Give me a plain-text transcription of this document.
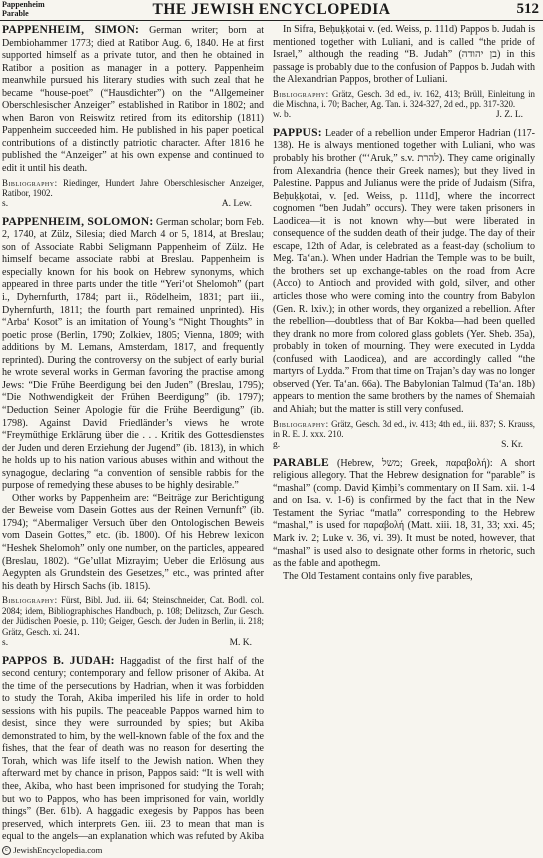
Pappenheim
Parable	THE JEWISH ENCYCLOPEDIA	512

PAPPENHEIM, SIMON: German writer; born at Dembiohammer 1773; died at Ratibor Aug. 6, 1840. He at first supported himself as a private tutor, and then he obtained in Ratibor a position as manager in a pottery. Pappenheim meanwhile pursued his literary studies with such zeal that he became “house-poet” (“Hausdichter”) on the “Allgemeiner Oberschlesischer Anzeiger” established in Ratibor in 1802; and when Baron von Reiswitz retired from its editorship (1811) Pappenheim succeeded him. He published in his paper poetical contributions of a distinctly patriotic character. After 1816 he published the “Anzeiger” at his own expense and continued to edit it until his death.

Bibliography: Riedinger, Hundert Jahre Oberschlesischer Anzeiger, Ratibor, 1902.
s.	A. Lew.

PAPPENHEIM, SOLOMON: German scholar; born Feb. 2, 1740, at Zülz, Silesia; died March 4 or 5, 1814, at Breslau; son of Associate Rabbi Seligmann Pappenheim of Zülz. He himself became associate rabbi at Breslau. Pappenheim is especially known for his book on Hebrew synonyms, which appeared in three parts under the title “Yeri‘ot Shelomoh” (part i., Dyhernfurth, 1784; part ii., Rödelheim, 1831; part iii., Dyhernfurth, 1811; the fourth part remained unprinted). His “Arba‘ Kosot” is an imitation of Young’s “Night Thoughts” in poetic prose (Berlin, 1790; Zolkiev, 1805; Vienna, 1809; with additions by M. Lemans, Amsterdam, 1817, and frequently reprinted). During the controversy on the subject of early burial he wrote several works in German favoring the practise among Jews: “Die Frühe Beerdigung bei den Juden” (Breslau, 1795); “Die Nothwendigkeit der Frühen Beerdigung” (ib. 1797); “Deduction Seiner Apologie für die Frühe Beerdigung” (ib. 1798). Against David Friedländer’s views he wrote “Freymüthige Erklärung über die . . . Kritik des Gottesdienstes der Juden und deren Erziehung der Jugend” (ib. 1813), in which he holds up to his nation various abuses within and without the synagogue, declaring “a convention of sensible rabbis for the purpose of remedying these abuses to be highly desirable.”

Other works by Pappenheim are: “Beiträge zur Berichtigung der Beweise vom Dasein Gottes aus der Reinen Vernunft” (ib. 1794); “Abermaliger Versuch über den Ontologischen Beweis vom Dasein Gottes,” etc. (ib. 1800). Of his Hebrew lexicon “Heshek Shelomoh” only one number, on the particles, appeared (Breslau, 1802). “Ge’ullat Mizrayim; Ueber die Erlösung aus Aegypten als Grundstein des Gesetzes,” etc., was printed after his death by Hirsch Sachs (ib. 1815).

Bibliography: Fürst, Bibl. Jud. iii. 64; Steinschneider, Cat. Bodl. col. 2084; idem, Bibliographisches Handbuch, p. 108; Delitzsch, Zur Gesch. der Jüdischen Poesie, p. 110; Geiger, Gesch. der Juden in Berlin, ii. 218; Grätz, Gesch. xi. 241.
s.	M. K.

PAPPOS B. JUDAH: Haggadist of the first half of the second century; contemporary and fellow prisoner of Akiba. At the time of the persecutions by Hadrian, when it was forbidden to study the Torah, Akiba imperiled his life in order to hold sessions with his pupils. The peaceable Pappos warned him to desist, since they were surrounded by spies; but Akiba demonstrated to him, by the well-known fable of the fox and the fishes, that the fear of death was no reason for deserting the Torah, which was life itself to the Jewish nation. When they afterward met by chance in prison, Pappos said: “It is well with thee, Akiba, who hast been imprisoned for studying the Torah; but wo to Pappos, who has been imprisoned for vain, worldly things” (Ber. 61b). A haggadic exegesis by Pappos has been preserved, which interprets Gen. iii. 23 to mean that man is equal to the angels—an explanation which was refuted by Akiba

In Sifra, Beḥuḳḳotai v. (ed. Weiss, p. 111d) Pappos b. Judah is mentioned together with Luliani, and is called “the pride of Israel,” although the reading “B. Judah” (בן יהודה) in this passage is probably due to the confusion of Pappos b. Judah with the Alexandrian Pappos, brother of Luliani.

Bibliography: Grätz, Gesch. 3d ed., iv. 162, 413; Brüll, Einleitung in die Mischna, i. 70; Bacher, Ag. Tan. i. 324-327, 2d ed., pp. 317-320.
w. b.	J. Z. L.

PAPPUS: Leader of a rebellion under Emperor Hadrian (117-138). He is always mentioned together with Luliani, who was probably his brother (“‘Aruk,” s.v. להרת). They came originally from Alexandria (hence their Greek names); but they lived in Palestine. Pappus and Julianus were the pride of Judaism (Sifra, Beḥuḳḳotai, v. [ed. Weiss, p. 111d], where the incorrect cognomen “ben Judah” occurs). They were taken prisoners in Laodicea—it is not known why—but were liberated in consequence of the sudden death of their judge. The day of their escape, 12th of Adar, is celebrated as a feast-day (scholium to Meg. Ta‘an.). When under Hadrian the Temple was to be built, the brothers set up exchange-tables on the road from Acre (Acco) to Antioch and provided with gold, silver, and other articles those who were coming into the country from Babylon (Gen. R. lxiv.); in other words, they organized a rebellion. After the rebellion—doubtless that of Bar Kokba—had been quelled they drank no more from colored glass goblets (Yer. Sheb. 35a), probably in token of mourning. They were executed in Lydda (confused with Laodicea), and are accordingly called “the martyrs of Lydda.” From that time on Trajan’s day was no longer observed (Yer. Ta‘an. 66a). The Babylonian Talmud (Ta‘an. 18b) appears to mention the same brothers by the names of Shemaiah and Ahiah; but the matter is still very confused.

Bibliography: Grätz, Gesch. 3d ed., iv. 413; 4th ed., iii. 837; S. Krauss, in R. E. J. xxx. 210.
g.	S. Kr.

PARABLE (Hebrew, משל; Greek, παραβολή): A short religious allegory. That the Hebrew designation for “parable” is “mashal” (comp. David Ḳimḥi’s commentary on II Sam. xii. 1-4 and on Isa. v. 1-6) is confirmed by the fact that in the New Testament the Syriac “matla” corresponding to the Hebrew “mashal,” is used for παραβολή (Matt. xiii. 18, 31, 33; xxi. 45; Mark iv. 2; Luke v. 36, vi. 39). It must be noted, however, that “mashal” is used also to designate other forms in rhetoric, such as the fable and apothegm.

The Old Testament contains only five parables,

c JewishEncyclopedia.com
